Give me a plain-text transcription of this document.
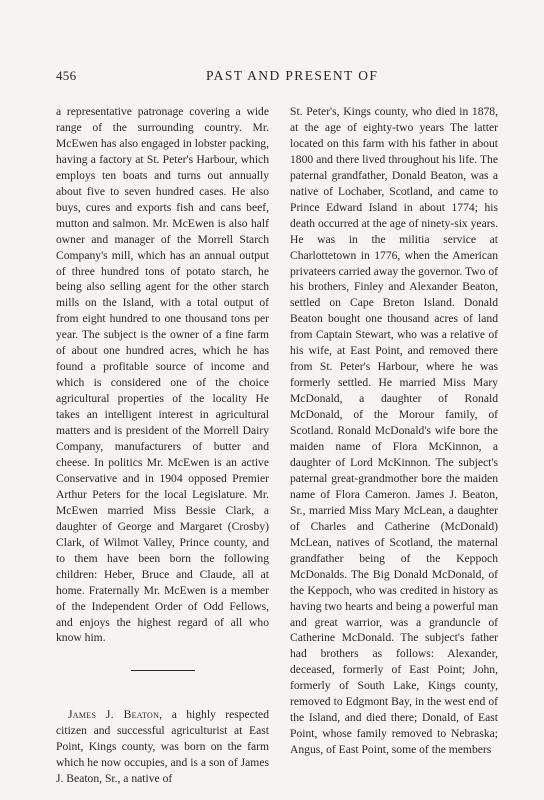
456	PAST AND PRESENT OF

a representative patronage covering a wide range of the surrounding country. Mr. McEwen has also engaged in lobster packing, having a factory at St. Peter's Harbour, which employs ten boats and turns out annually about five to seven hundred cases. He also buys, cures and exports fish and cans beef, mutton and salmon. Mr. McEwen is also half owner and manager of the Morrell Starch Company's mill, which has an annual output of three hundred tons of potato starch, he being also selling agent for the other starch mills on the Island, with a total output of from eight hundred to one thousand tons per year. The subject is the owner of a fine farm of about one hundred acres, which he has found a profitable source of income and which is considered one of the choice agricultural properties of the locality He takes an intelligent interest in agricultural matters and is president of the Morrell Dairy Company, manufacturers of butter and cheese. In politics Mr. McEwen is an active Conservative and in 1904 opposed Premier Arthur Peters for the local Legislature. Mr. McEwen married Miss Bessie Clark, a daughter of George and Margaret (Crosby) Clark, of Wilmot Valley, Prince county, and to them have been born the following children: Heber, Bruce and Claude, all at home. Fraternally Mr. McEwen is a member of the Independent Order of Odd Fellows, and enjoys the highest regard of all who know him.

James J. Beaton, a highly respected citizen and successful agriculturist at East Point, Kings county, was born on the farm which he now occupies, and is a son of James J. Beaton, Sr., a native of

St. Peter's, Kings county, who died in 1878, at the age of eighty-two years The latter located on this farm with his father in about 1800 and there lived throughout his life. The paternal grandfather, Donald Beaton, was a native of Lochaber, Scotland, and came to Prince Edward Island in about 1774; his death occurred at the age of ninety-six years. He was in the militia service at Charlottetown in 1776, when the American privateers carried away the governor. Two of his brothers, Finley and Alexander Beaton, settled on Cape Breton Island. Donald Beaton bought one thousand acres of land from Captain Stewart, who was a relative of his wife, at East Point, and removed there from St. Peter's Harbour, where he was formerly settled. He married Miss Mary McDonald, a daughter of Ronald McDonald, of the Morour family, of Scotland. Ronald McDonald's wife bore the maiden name of Flora McKinnon, a daughter of Lord McKinnon. The subject's paternal great-grandmother bore the maiden name of Flora Cameron. James J. Beaton, Sr., married Miss Mary McLean, a daughter of Charles and Catherine (McDonald) McLean, natives of Scotland, the maternal grandfather being of the Keppoch McDonalds. The Big Donald McDonald, of the Keppoch, who was credited in history as having two hearts and being a powerful man and great warrior, was a granduncle of Catherine McDonald. The subject's father had brothers as follows: Alexander, deceased, formerly of East Point; John, formerly of South Lake, Kings county, removed to Edgmont Bay, in the west end of the Island, and died there; Donald, of East Point, whose family removed to Nebraska; Angus, of East Point, some of the members
